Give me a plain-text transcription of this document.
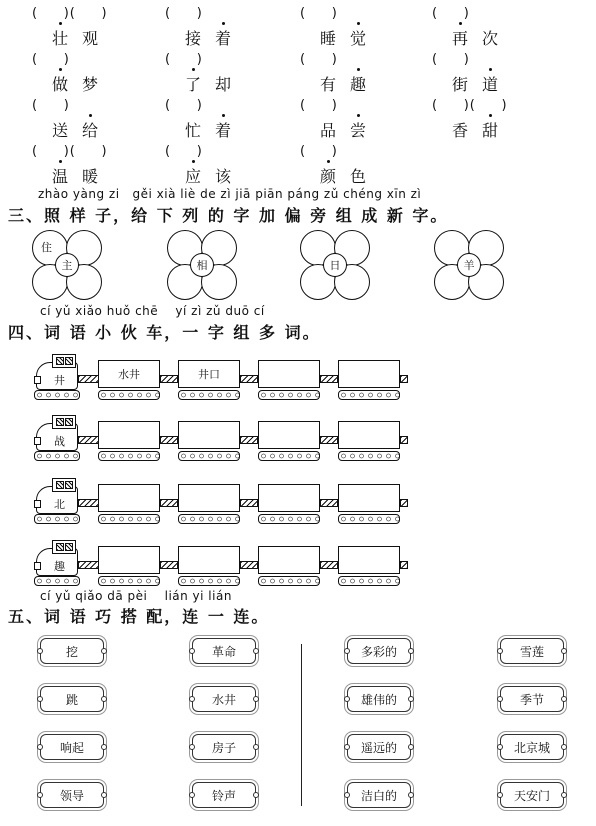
(     )(     )
壮观
(     )
接着
(     )
睡觉
(     )
再次
(     )
做梦
(     )
了却
(     )
有趣
(     )
街道
(     )
送给
(     )
忙着
(     )
品尝
(     )(     )
香甜
(     )(     )
温暖
(     )
应该
(     )
颜色
zhào yàng zi   gěi xià liè de zì jiā piān páng zǔ chéng xīn zì
三、照 样 子，给 下 列 的 字 加 偏 旁 组 成 新 字。
住
主	相	日	羊
cí yǔ xiǎo huǒ chē    yí zì zǔ duō cí
四、词 语 小 伙 车，一 字 组 多 词。
井	水井	井口
战
北
趣
cí yǔ qiǎo dā pèi    lián yi lián
五、词 语 巧 搭 配，连 一 连。
挖
跳
响起
领导
革命
水井
房子
铃声
多彩的
雄伟的
遥远的
洁白的
雪莲
季节
北京城
天安门
